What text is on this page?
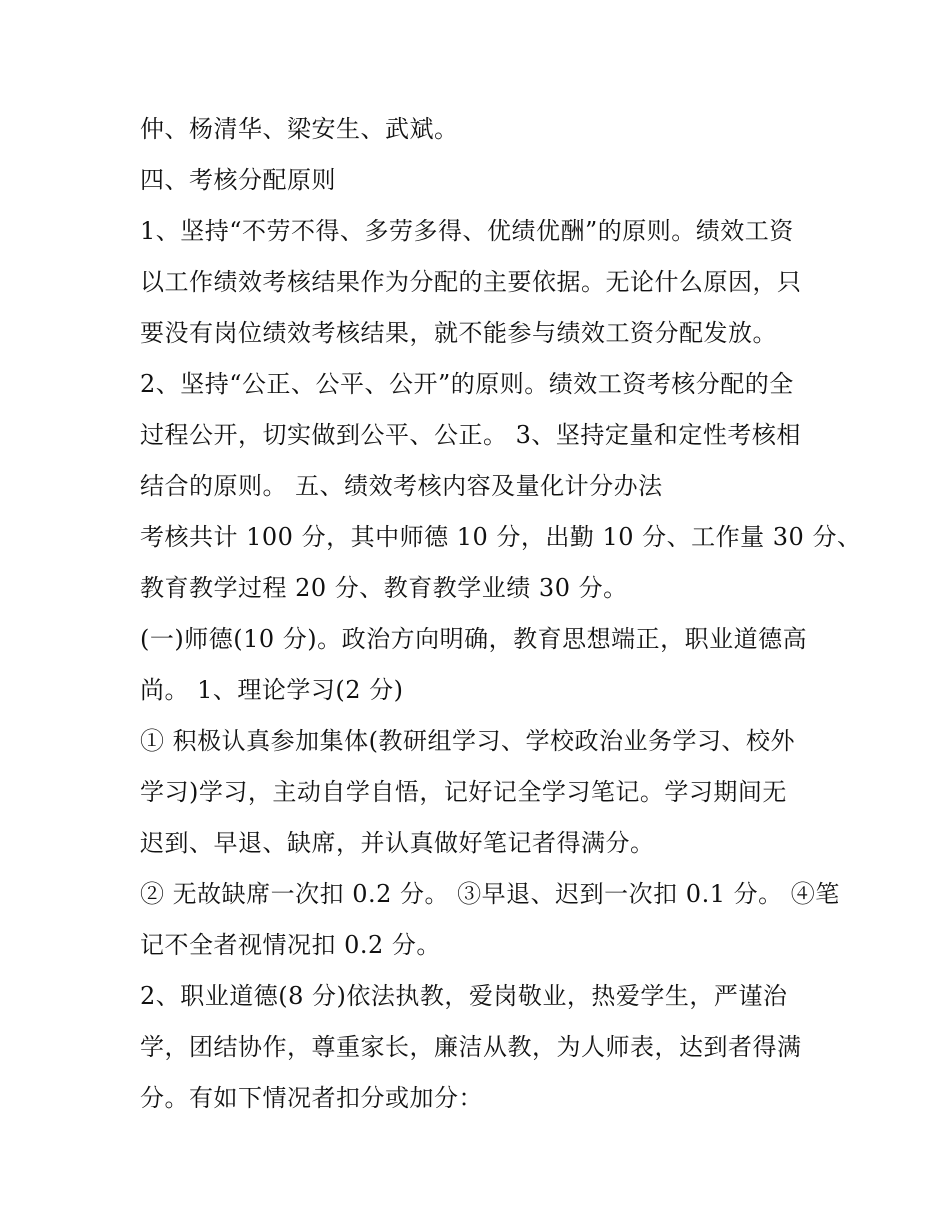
仲、杨清华、梁安生、武斌。
四、考核分配原则
1、坚持“不劳不得、多劳多得、优绩优酬”的原则。绩效工资
以工作绩效考核结果作为分配的主要依据。无论什么原因，只
要没有岗位绩效考核结果，就不能参与绩效工资分配发放。
2、坚持“公正、公平、公开”的原则。绩效工资考核分配的全
过程公开，切实做到公平、公正。 3、坚持定量和定性考核相
结合的原则。 五、绩效考核内容及量化计分办法
考核共计 100 分，其中师德 10 分，出勤 10 分、工作量 30 分、
教育教学过程 20 分、教育教学业绩 30 分。
(一)师德(10 分)。政治方向明确，教育思想端正，职业道德高
尚。 1、理论学习(2 分)
① 积极认真参加集体(教研组学习、学校政治业务学习、校外
学习)学习，主动自学自悟，记好记全学习笔记。学习期间无
迟到、早退、缺席，并认真做好笔记者得满分。
② 无故缺席一次扣 0.2 分。 ③早退、迟到一次扣 0.1 分。 ④笔
记不全者视情况扣 0.2 分。
2、职业道德(8 分)依法执教，爱岗敬业，热爱学生，严谨治
学，团结协作，尊重家长，廉洁从教，为人师表，达到者得满
分。有如下情况者扣分或加分：
